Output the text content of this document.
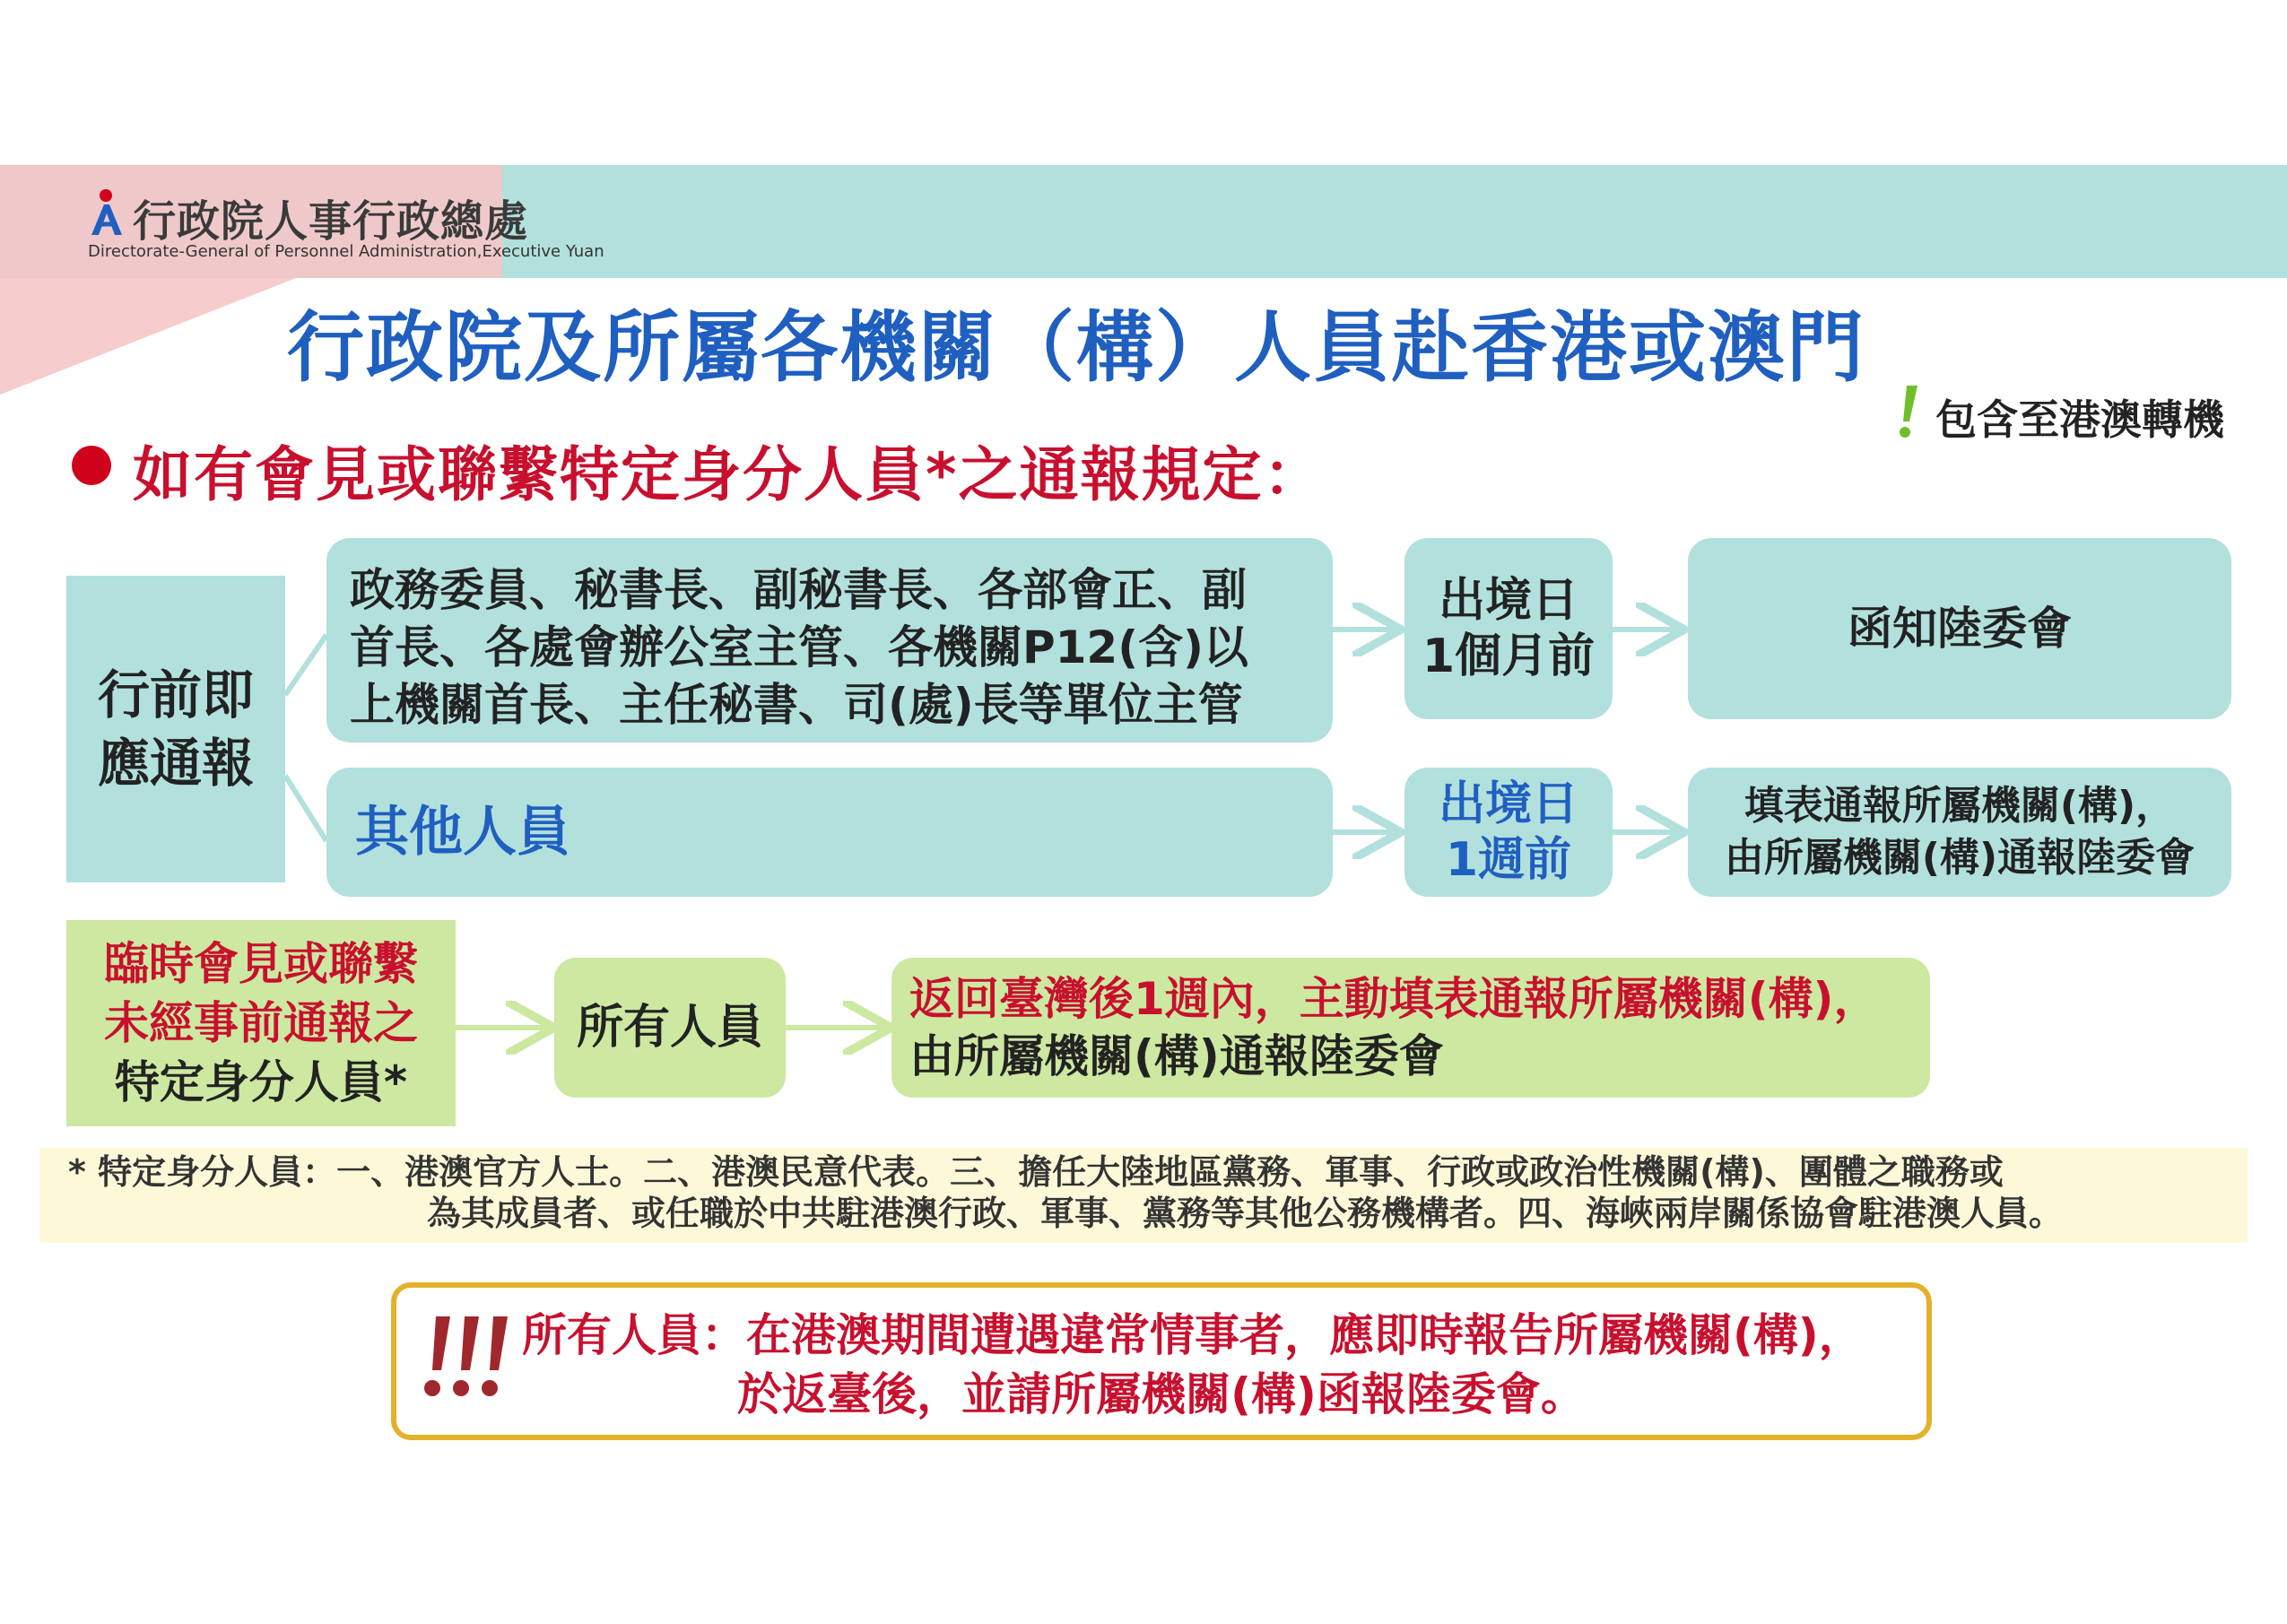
行政院人事行政總處
Directorate-General of Personnel Administration,Executive Yuan
行政院及所屬各機關（構）人員赴香港或澳門
包含至港澳轉機
如有會見或聯繫特定身分人員*之通報規定：
行前即
應通報
政務委員、秘書長、副秘書長、各部會正、副
首長、各處會辦公室主管、各機關P12(含)以
上機關首長、主任秘書、司(處)長等單位主管
出境日
1個月前
函知陸委會
其他人員	出境日
1週前
填表通報所屬機關(構)，
由所屬機關(構)通報陸委會
臨時會見或聯繫
未經事前通報之
特定身分人員*
所有人員
返回臺灣後1週內，主動填表通報所屬機關(構)，
由所屬機關(構)通報陸委會
* 特定身分人員：一、港澳官方人士。二、港澳民意代表。三、擔任大陸地區黨務、軍事、行政或政治性機關(構)、團體之職務或
為其成員者、或任職於中共駐港澳行政、軍事、黨務等其他公務機構者。四、海峽兩岸關係協會駐港澳人員。
所有人員：在港澳期間遭遇違常情事者，應即時報告所屬機關(構)，
於返臺後，並請所屬機關(構)函報陸委會。
